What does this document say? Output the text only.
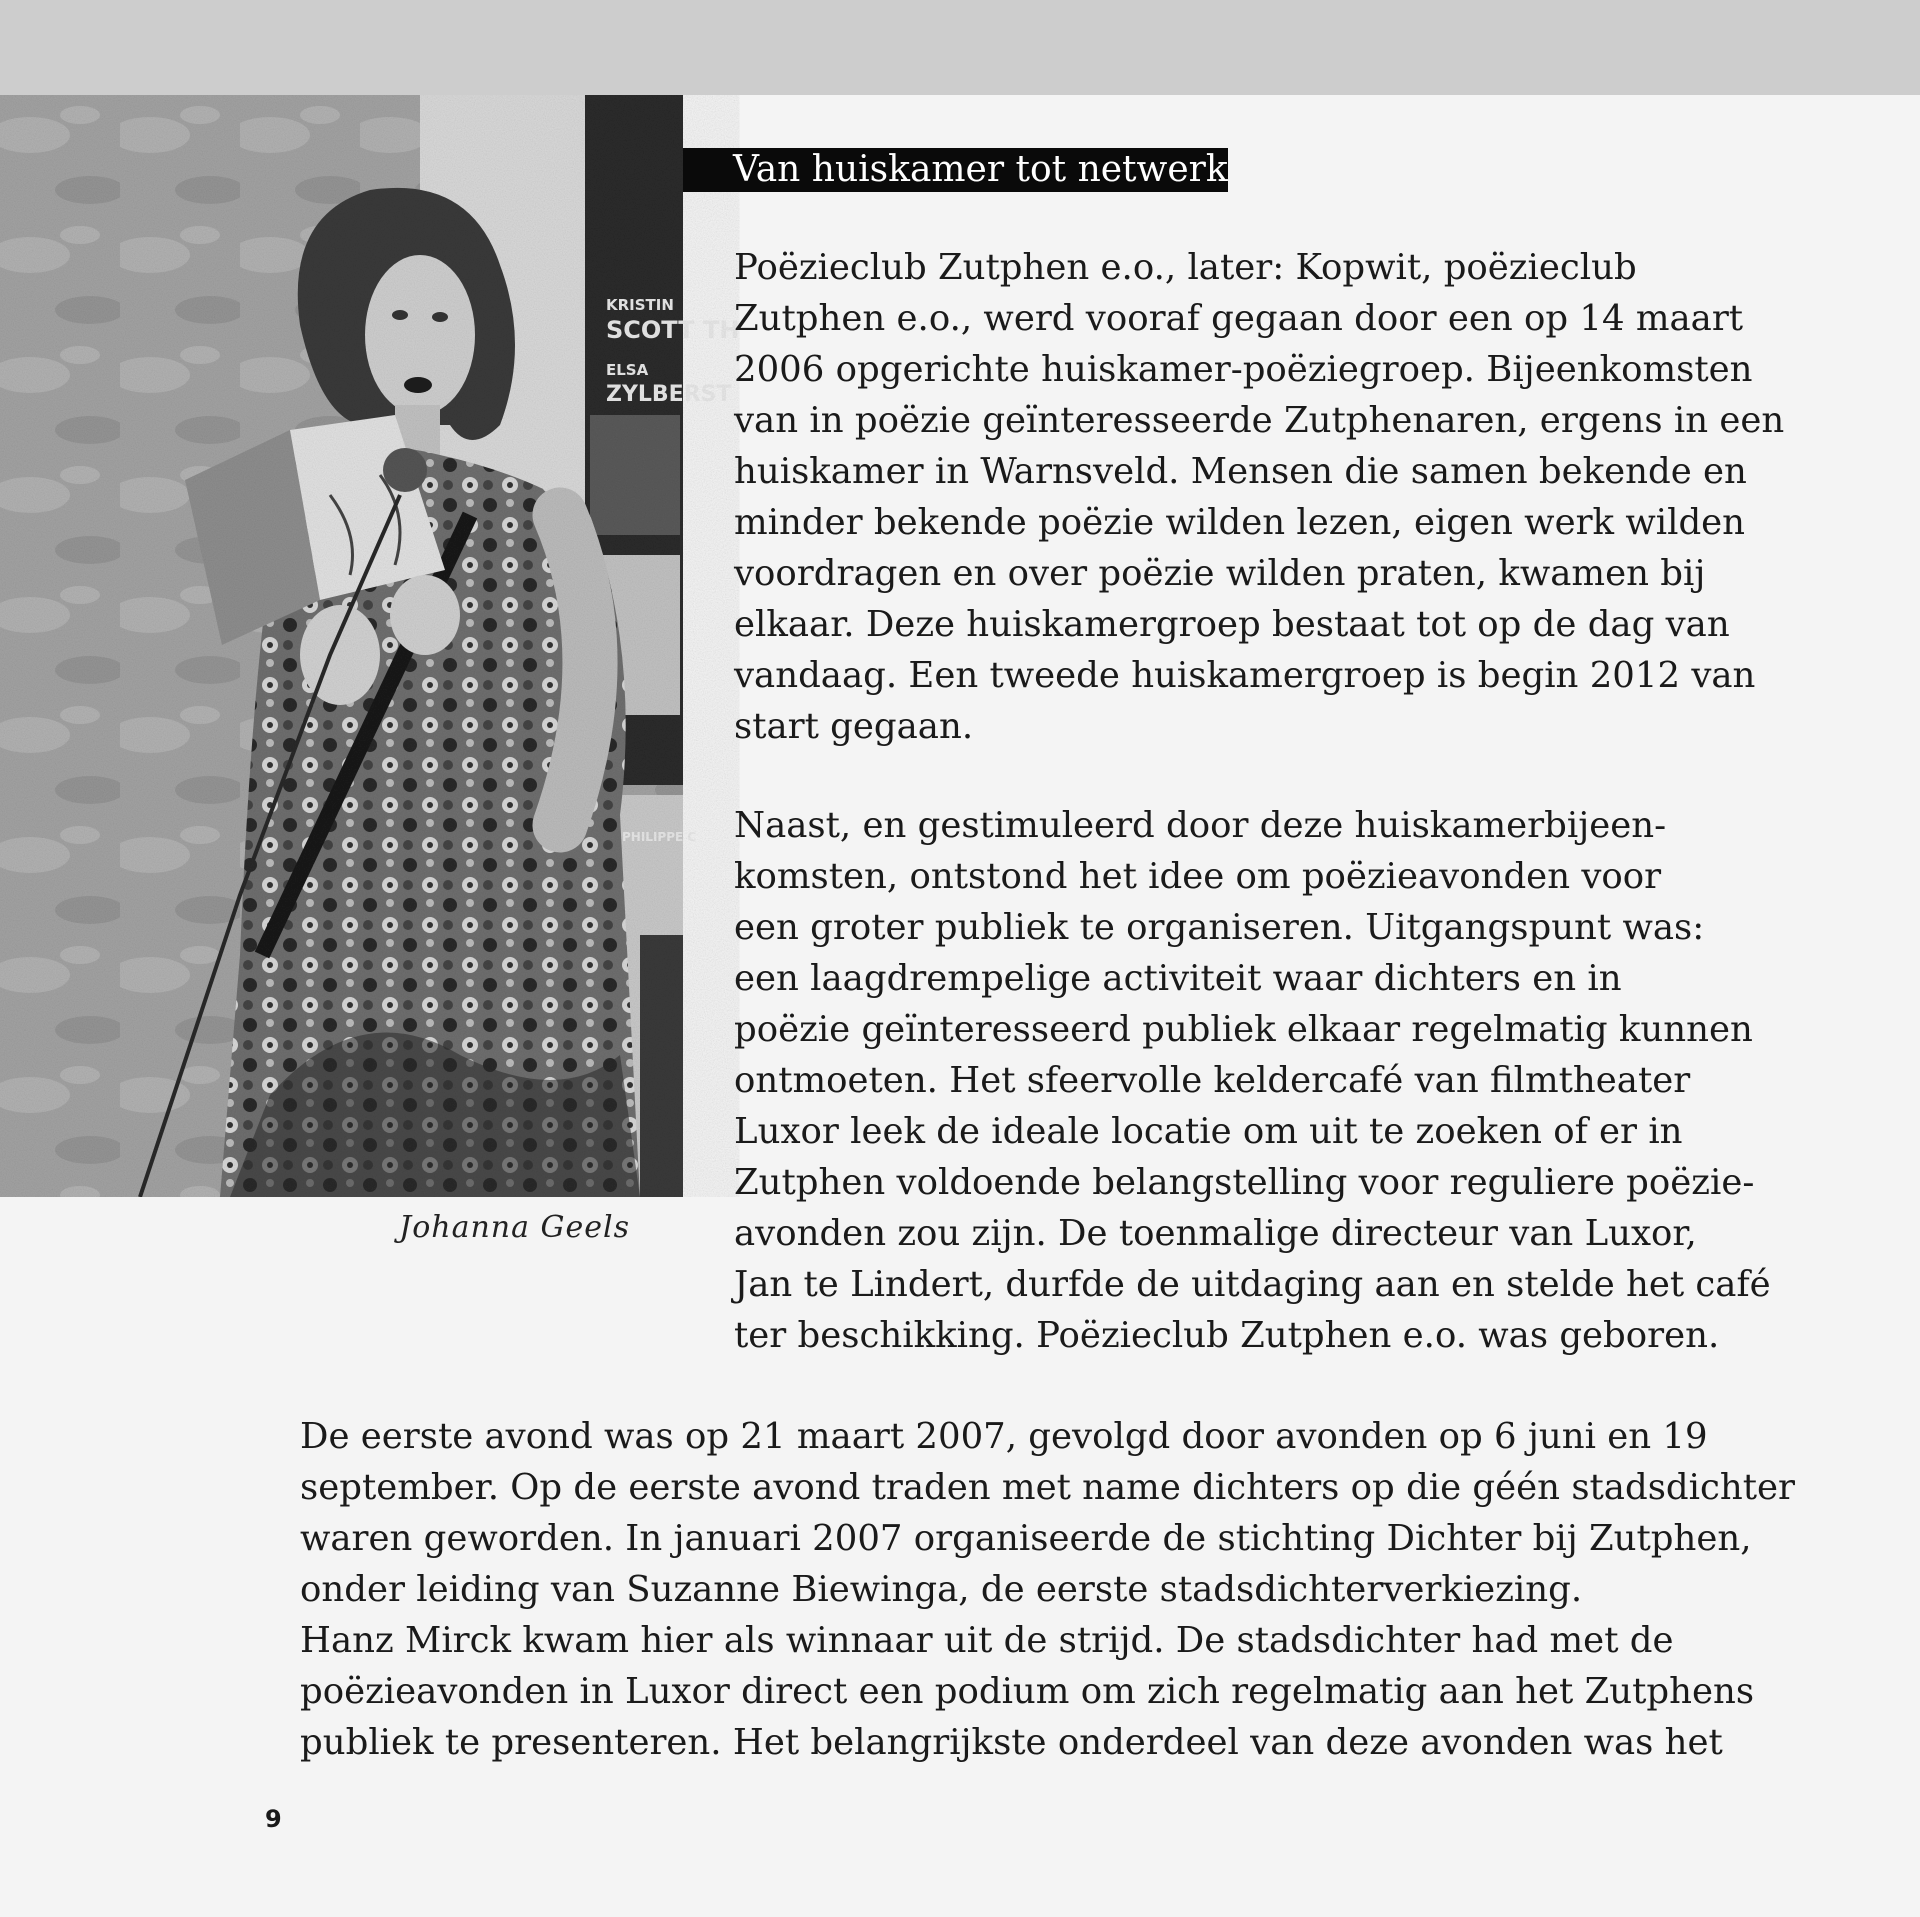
KRISTIN
SCOTT TH
ELSA
ZYLBERST
PHILIPPE C
Johanna Geels
Van huiskamer tot netwerk

Poëzieclub Zutphen e.o., later: Kopwit, poëzieclub
Zutphen e.o., werd vooraf gegaan door een op 14 maart
2006 opgerichte huiskamer-poëziegroep. Bijeenkomsten
van in poëzie geïnteresseerde Zutphenaren, ergens in een
huiskamer in Warnsveld. Mensen die samen bekende en
minder bekende poëzie wilden lezen, eigen werk wilden
voordragen en over poëzie wilden praten, kwamen bij
elkaar. Deze huiskamergroep bestaat tot op de dag van
vandaag. Een tweede huiskamergroep is begin 2012 van
start gegaan.

Naast, en gestimuleerd door deze huiskamerbijeen-
komsten, ontstond het idee om poëzieavonden voor
een groter publiek te organiseren. Uitgangspunt was:
een laagdrempelige activiteit waar dichters en in
poëzie geïnteresseerd publiek elkaar regelmatig kunnen
ontmoeten. Het sfeervolle keldercafé van filmtheater
Luxor leek de ideale locatie om uit te zoeken of er in
Zutphen voldoende belangstelling voor reguliere poëzie-
avonden zou zijn. De toenmalige directeur van Luxor,
Jan te Lindert, durfde de uitdaging aan en stelde het café
ter beschikking. Poëzieclub Zutphen e.o. was geboren.

De eerste avond was op 21 maart 2007, gevolgd door avonden op 6 juni en 19
september. Op de eerste avond traden met name dichters op die géén stadsdichter
waren geworden. In januari 2007 organiseerde de stichting Dichter bij Zutphen,
onder leiding van Suzanne Biewinga, de eerste stadsdichterverkiezing.
Hanz Mirck kwam hier als winnaar uit de strijd. De stadsdichter had met de
poëzieavonden in Luxor direct een podium om zich regelmatig aan het Zutphens
publiek te presenteren. Het belangrijkste onderdeel van deze avonden was het

9
